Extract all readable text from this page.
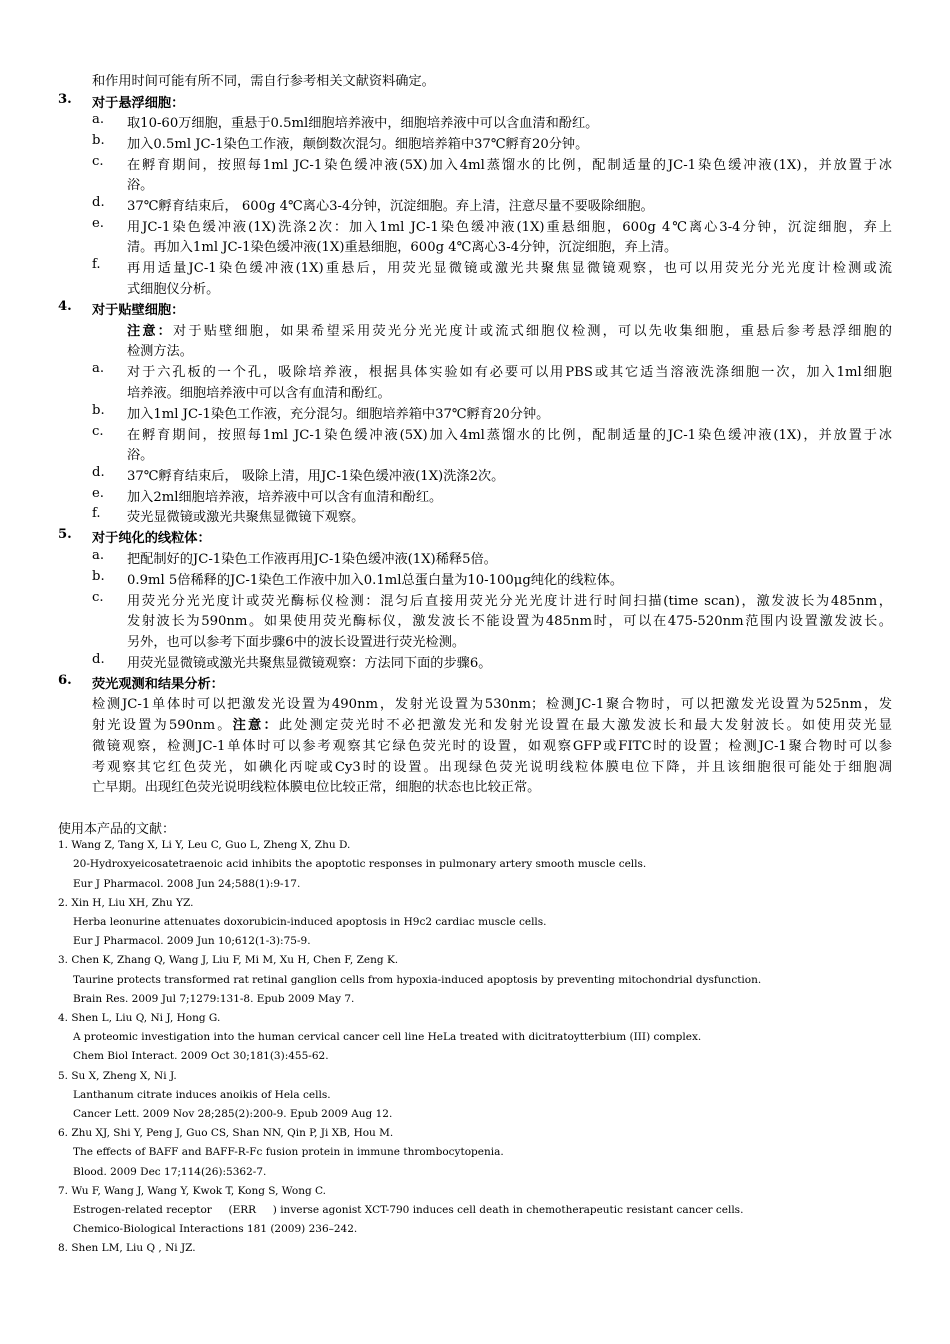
和作用时间可能有所不同，需自行参考相关文献资料确定。
3. 对于悬浮细胞：
a. 取10-60万细胞，重悬于0.5ml细胞培养液中，细胞培养液中可以含血清和酚红。
b. 加入0.5ml JC-1染色工作液，颠倒数次混匀。细胞培养箱中37℃孵育20分钟。
c. 在孵育期间，按照每1ml JC-1染色缓冲液(5X)加入4ml蒸馏水的比例，配制适量的JC-1染色缓冲液(1X)，并放置于冰
浴。
d. 37℃孵育结束后， 600g 4℃离心3-4分钟，沉淀细胞。弃上清，注意尽量不要吸除细胞。
e. 用JC-1染色缓冲液(1X)洗涤2次：加入1ml JC-1染色缓冲液(1X)重悬细胞，600g 4℃离心3-4分钟，沉淀细胞，弃上
清。再加入1ml JC-1染色缓冲液(1X)重悬细胞，600g 4℃离心3-4分钟，沉淀细胞，弃上清。
f. 再用适量JC-1染色缓冲液(1X)重悬后，用荧光显微镜或激光共聚焦显微镜观察，也可以用荧光分光光度计检测或流
式细胞仪分析。
4. 对于贴壁细胞：
注意：对于贴壁细胞，如果希望采用荧光分光光度计或流式细胞仪检测，可以先收集细胞，重悬后参考悬浮细胞的
检测方法。
a. 对于六孔板的一个孔，吸除培养液，根据具体实验如有必要可以用PBS或其它适当溶液洗涤细胞一次，加入1ml细胞
培养液。细胞培养液中可以含有血清和酚红。
b. 加入1ml JC-1染色工作液，充分混匀。细胞培养箱中37℃孵育20分钟。
c. 在孵育期间，按照每1ml JC-1染色缓冲液(5X)加入4ml蒸馏水的比例，配制适量的JC-1染色缓冲液(1X)，并放置于冰
浴。
d. 37℃孵育结束后， 吸除上清，用JC-1染色缓冲液(1X)洗涤2次。
e. 加入2ml细胞培养液，培养液中可以含有血清和酚红。
f. 荧光显微镜或激光共聚焦显微镜下观察。
5. 对于纯化的线粒体：
a. 把配制好的JC-1染色工作液再用JC-1染色缓冲液(1X)稀释5倍。
b. 0.9ml 5倍稀释的JC-1染色工作液中加入0.1ml总蛋白量为10-100μg纯化的线粒体。
c. 用荧光分光光度计或荧光酶标仪检测：混匀后直接用荧光分光光度计进行时间扫描(time scan)，激发波长为485nm，
发射波长为590nm。如果使用荧光酶标仪，激发波长不能设置为485nm时，可以在475-520nm范围内设置激发波长。
另外，也可以参考下面步骤6中的波长设置进行荧光检测。
d. 用荧光显微镜或激光共聚焦显微镜观察：方法同下面的步骤6。
6. 荧光观测和结果分析：
检测JC-1单体时可以把激发光设置为490nm，发射光设置为530nm；检测JC-1聚合物时，可以把激发光设置为525nm，发
射光设置为590nm。注意：此处测定荧光时不必把激发光和发射光设置在最大激发波长和最大发射波长。如使用荧光显
微镜观察，检测JC-1单体时可以参考观察其它绿色荧光时的设置，如观察GFP或FITC时的设置；检测JC-1聚合物时可以参
考观察其它红色荧光，如碘化丙啶或Cy3时的设置。出现绿色荧光说明线粒体膜电位下降，并且该细胞很可能处于细胞凋
亡早期。出现红色荧光说明线粒体膜电位比较正常，细胞的状态也比较正常。
使用本产品的文献：
1. Wang Z, Tang X, Li Y, Leu C, Guo L, Zheng X, Zhu D.
20-Hydroxyeicosatetraenoic acid inhibits the apoptotic responses in pulmonary artery smooth muscle cells.
Eur J Pharmacol. 2008 Jun 24;588(1):9-17.
2. Xin H, Liu XH, Zhu YZ.
Herba leonurine attenuates doxorubicin-induced apoptosis in H9c2 cardiac muscle cells.
Eur J Pharmacol. 2009 Jun 10;612(1-3):75-9.
3. Chen K, Zhang Q, Wang J, Liu F, Mi M, Xu H, Chen F, Zeng K.
Taurine protects transformed rat retinal ganglion cells from hypoxia-induced apoptosis by preventing mitochondrial dysfunction.
Brain Res. 2009 Jul 7;1279:131-8. Epub 2009 May 7.
4. Shen L, Liu Q, Ni J, Hong G.
A proteomic investigation into the human cervical cancer cell line HeLa treated with dicitratoytterbium (III) complex.
Chem Biol Interact. 2009 Oct 30;181(3):455-62.
5. Su X, Zheng X, Ni J.
Lanthanum citrate induces anoikis of Hela cells.
Cancer Lett. 2009 Nov 28;285(2):200-9. Epub 2009 Aug 12.
6. Zhu XJ, Shi Y, Peng J, Guo CS, Shan NN, Qin P, Ji XB, Hou M.
The effects of BAFF and BAFF-R-Fc fusion protein in immune thrombocytopenia.
Blood. 2009 Dec 17;114(26):5362-7.
7. Wu F, Wang J, Wang Y, Kwok T, Kong S, Wong C.
Estrogen-related receptor     (ERR     ) inverse agonist XCT-790 induces cell death in chemotherapeutic resistant cancer cells.
Chemico-Biological Interactions 181 (2009) 236–242.
8. Shen LM, Liu Q , Ni JZ.
